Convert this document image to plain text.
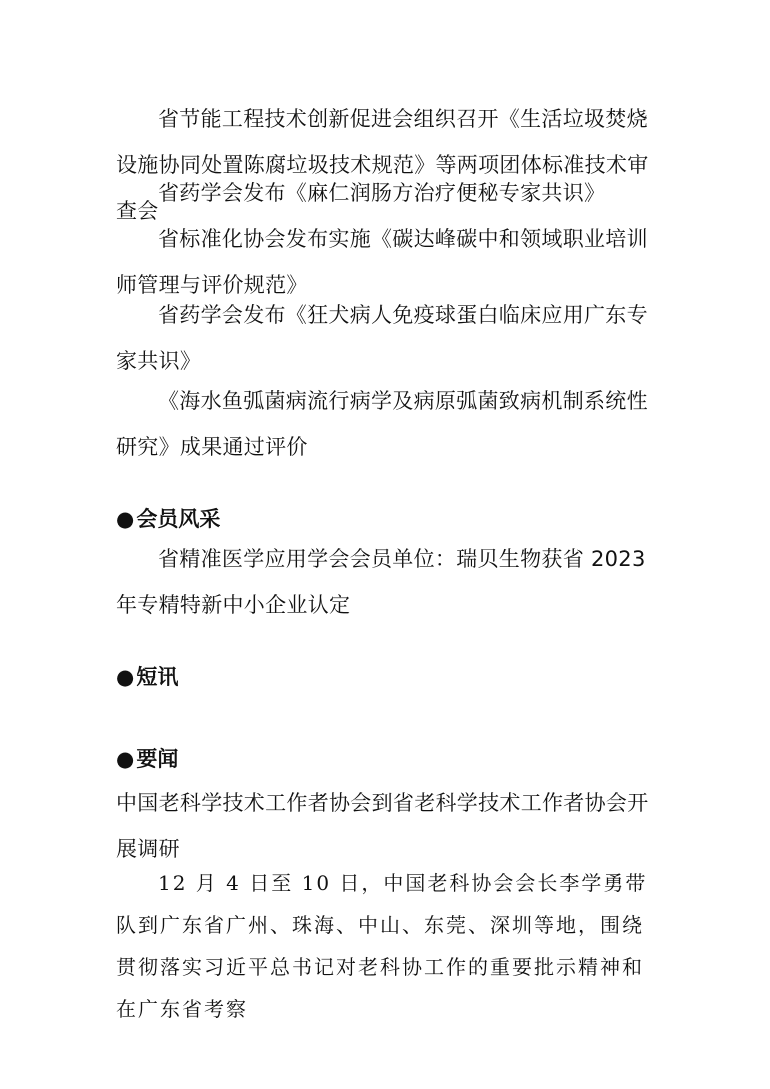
省节能工程技术创新促进会组织召开《生活垃圾焚烧设施协同处置陈腐垃圾技术规范》等两项团体标准技术审查会

省药学会发布《麻仁润肠方治疗便秘专家共识》

省标准化协会发布实施《碳达峰碳中和领域职业培训师管理与评价规范》

省药学会发布《狂犬病人免疫球蛋白临床应用广东专家共识》

《海水鱼弧菌病流行病学及病原弧菌致病机制系统性研究》成果通过评价

●会员风采

省精准医学应用学会会员单位：瑞贝生物获省 2023 年专精特新中小企业认定

●短讯
●要闻

中国老科学技术工作者协会到省老科学技术工作者协会开展调研

12 月 4 日至 10 日，中国老科协会会长李学勇带队到广东省广州、珠海、中山、东莞、深圳等地，围绕贯彻落实习近平总书记对老科协工作的重要批示精神和在广东省考察
